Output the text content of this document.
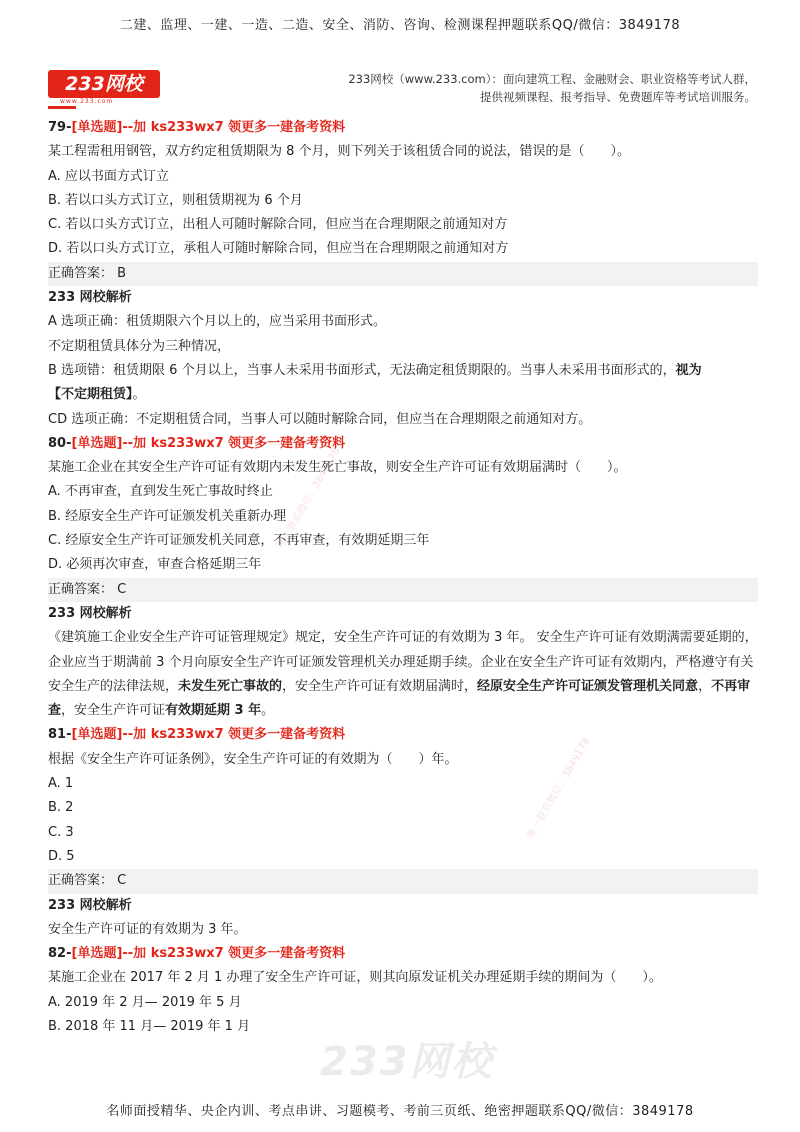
二建、监理、一建、一造、二造、安全、消防、咨询、检测课程押题联系QQ/微信：3849178
233网校
www.233.com
233网校（www.233.com）：面向建筑工程、金融财会、职业资格等考试人群，
提供视频课程、报考指导、免费题库等考试培训服务。
唯一联系微信：3849178
唯一联系微信：3849178
233网校
79-[单选题]--加 ks233wx7 领更多一建备考资料
某工程需租用钢管，双方约定租赁期限为 8 个月，则下列关于该租赁合同的说法，错误的是（　　）。
A. 应以书面方式订立
B. 若以口头方式订立，则租赁期视为 6 个月
C. 若以口头方式订立，出租人可随时解除合同，但应当在合理期限之前通知对方
D. 若以口头方式订立，承租人可随时解除合同，但应当在合理期限之前通知对方
正确答案： B
233 网校解析
A 选项正确：租赁期限六个月以上的，应当采用书面形式。
不定期租赁具体分为三种情况，
B 选项错：租赁期限 6 个月以上，当事人未采用书面形式，无法确定租赁期限的。当事人未采用书面形式的，视为
【不定期租赁】。
CD 选项正确：不定期租赁合同，当事人可以随时解除合同，但应当在合理期限之前通知对方。
80-[单选题]--加 ks233wx7 领更多一建备考资料
某施工企业在其安全生产许可证有效期内未发生死亡事故，则安全生产许可证有效期届满时（　　）。
A. 不再审查，直到发生死亡事故时终止
B. 经原安全生产许可证颁发机关重新办理
C. 经原安全生产许可证颁发机关同意，不再审查，有效期延期三年
D. 必须再次审查，审查合格延期三年
正确答案： C
233 网校解析
《建筑施工企业安全生产许可证管理规定》规定，安全生产许可证的有效期为 3 年。 安全生产许可证有效期满需要延期的，企业应当于期满前 3 个月向原安全生产许可证颁发管理机关办理延期手续。企业在安全生产许可证有效期内，严格遵守有关安全生产的法律法规，未发生死亡事故的，安全生产许可证有效期届满时，经原安全生产许可证颁发管理机关同意，不再审查，安全生产许可证有效期延期 3 年。
81-[单选题]--加 ks233wx7 领更多一建备考资料
根据《安全生产许可证条例》，安全生产许可证的有效期为（　　）年。
A. 1
B. 2
C. 3
D. 5
正确答案： C
233 网校解析
安全生产许可证的有效期为 3 年。
82-[单选题]--加 ks233wx7 领更多一建备考资料
某施工企业在 2017 年 2 月 1 办理了安全生产许可证，则其向原发证机关办理延期手续的期间为（　　）。
A. 2019 年 2 月— 2019 年 5 月
B. 2018 年 11 月— 2019 年 1 月
名师面授精华、央企内训、考点串讲、习题模考、考前三页纸、绝密押题联系QQ/微信：3849178
